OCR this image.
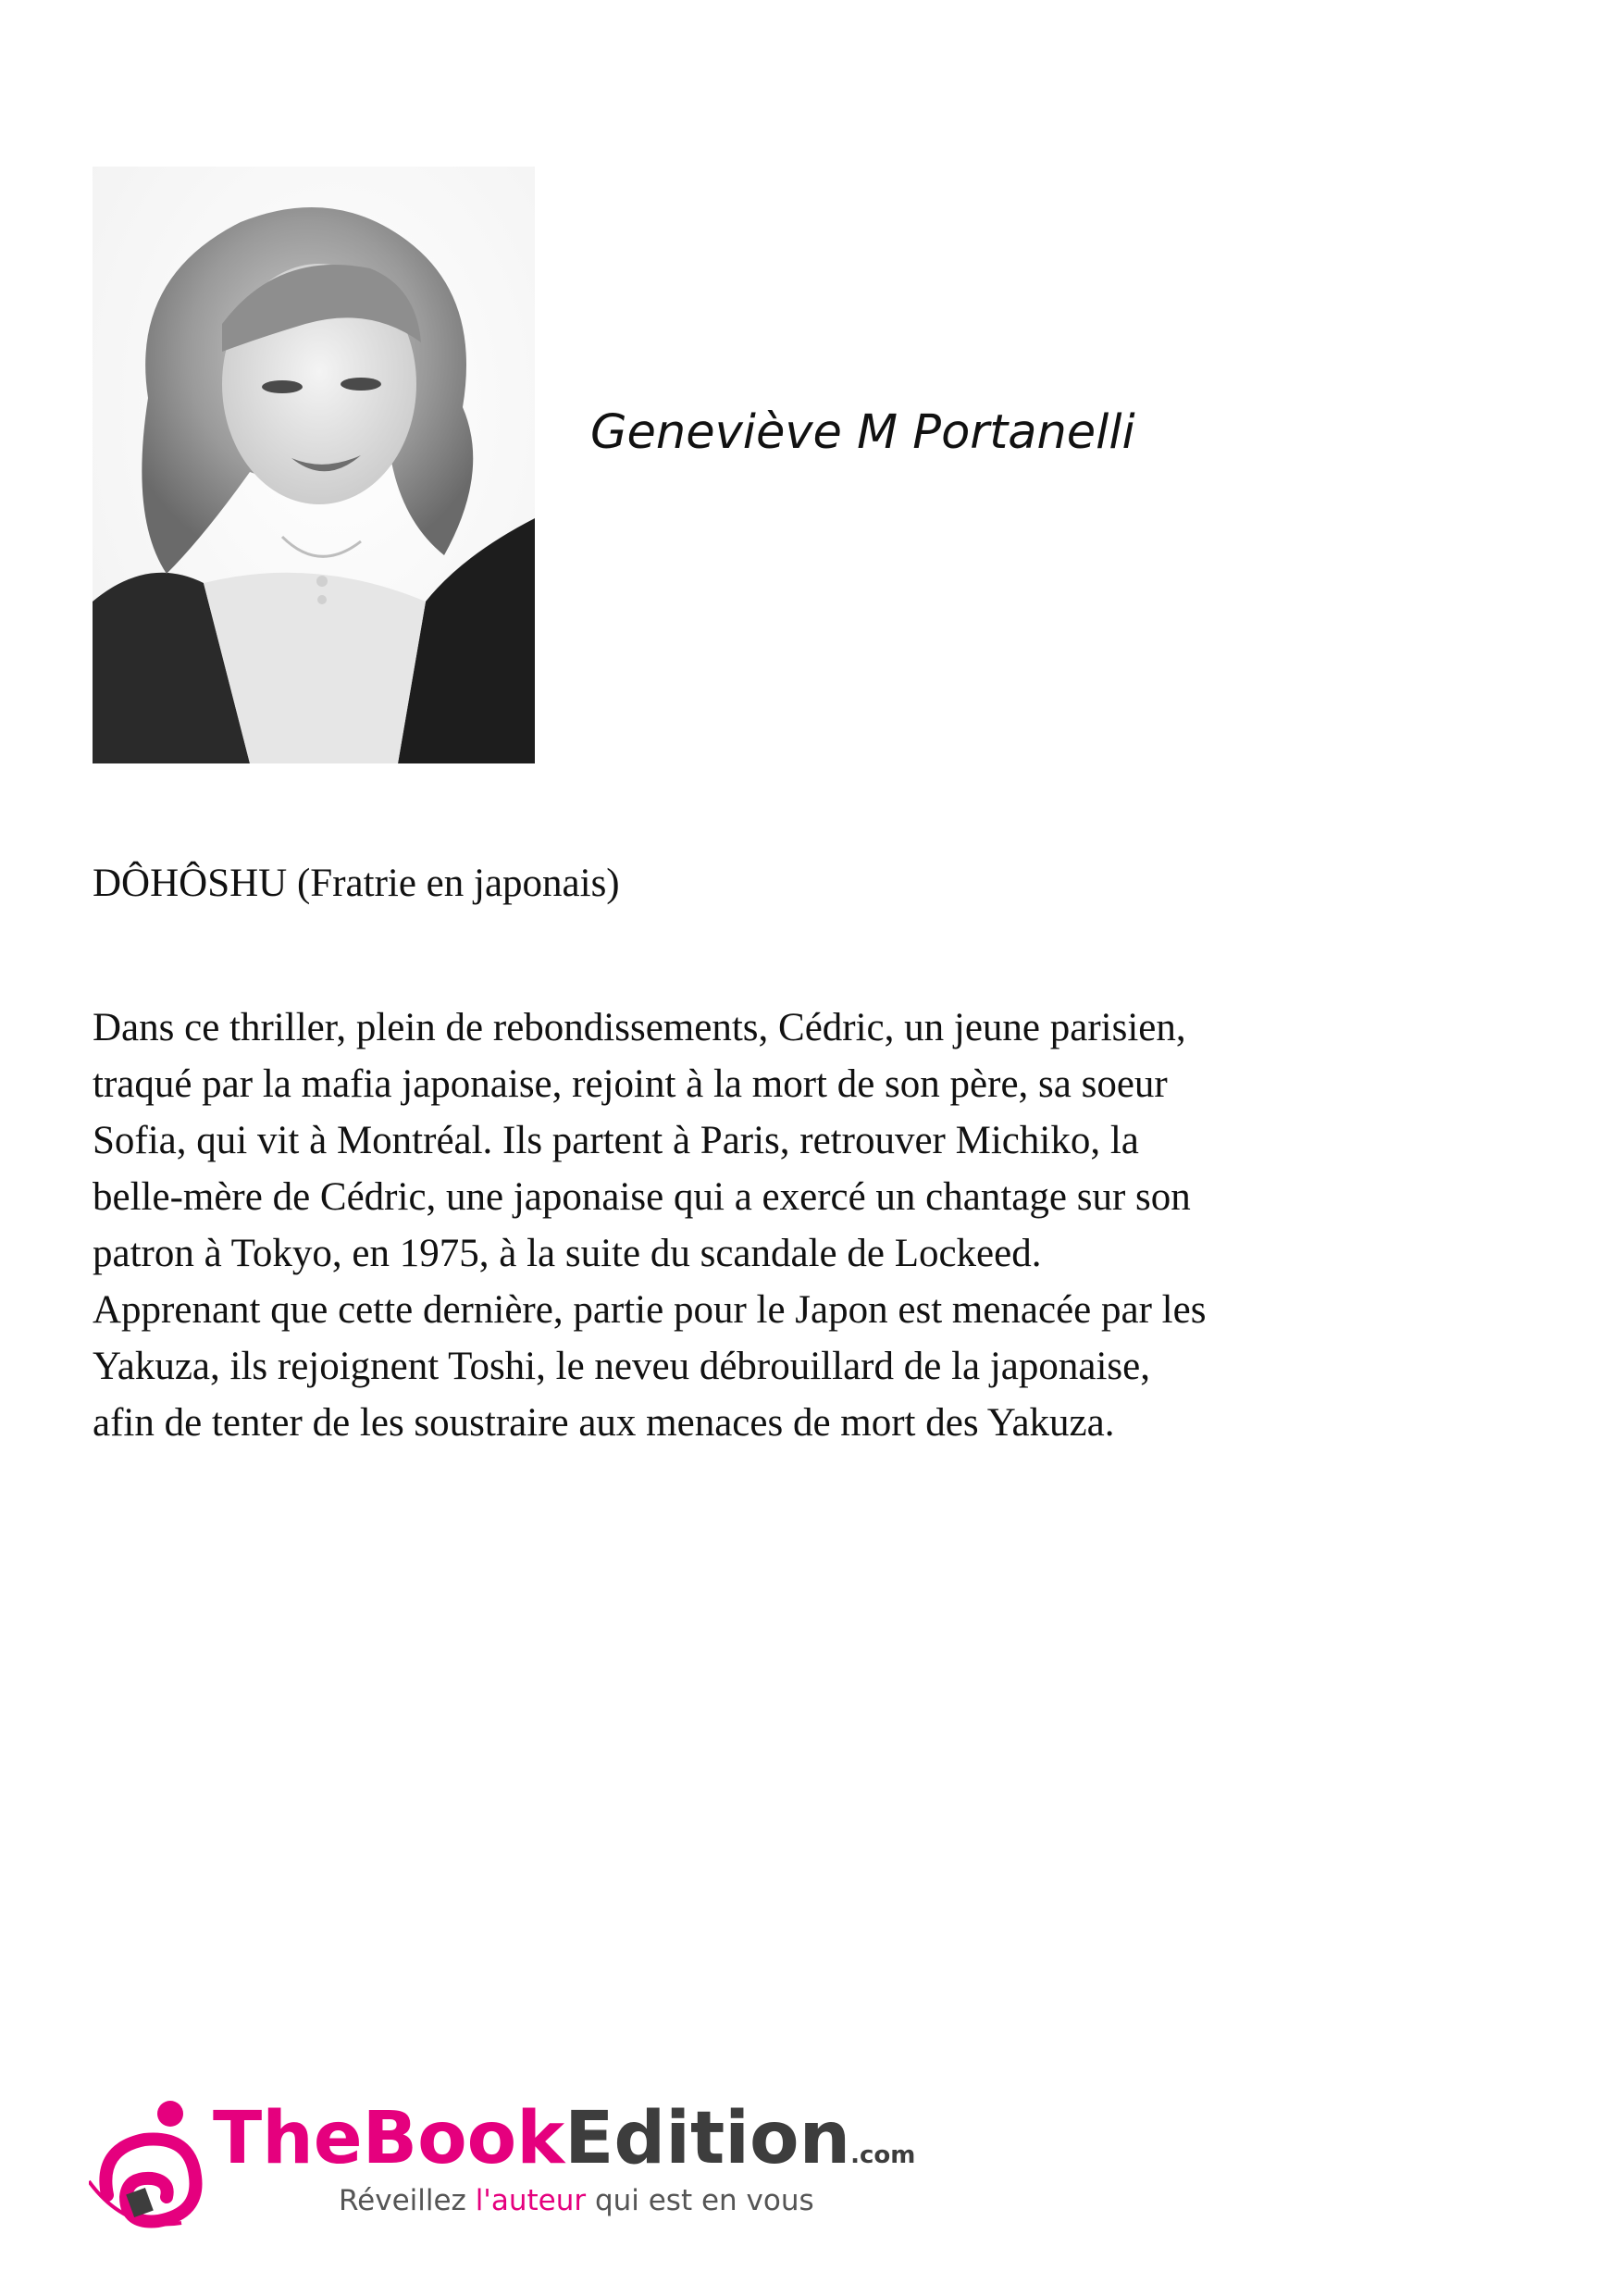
Geneviève M Portanelli
DÔHÔSHU (Fratrie en japonais)
Dans ce thriller, plein de rebondissements, Cédric, un jeune parisien,
traqué par la mafia japonaise, rejoint à la mort de son père, sa soeur
Sofia, qui vit à Montréal. Ils partent à Paris, retrouver Michiko, la
belle-mère de Cédric, une japonaise qui a exercé un chantage sur son
patron à Tokyo, en 1975, à la suite du scandale de Lockeed.
Apprenant que cette dernière, partie pour le Japon est menacée par les
Yakuza, ils rejoignent Toshi, le neveu débrouillard de la japonaise,
afin de tenter de les soustraire aux menaces de mort des Yakuza.
TheBookEdition.com
Réveillez l'auteur qui est en vous
